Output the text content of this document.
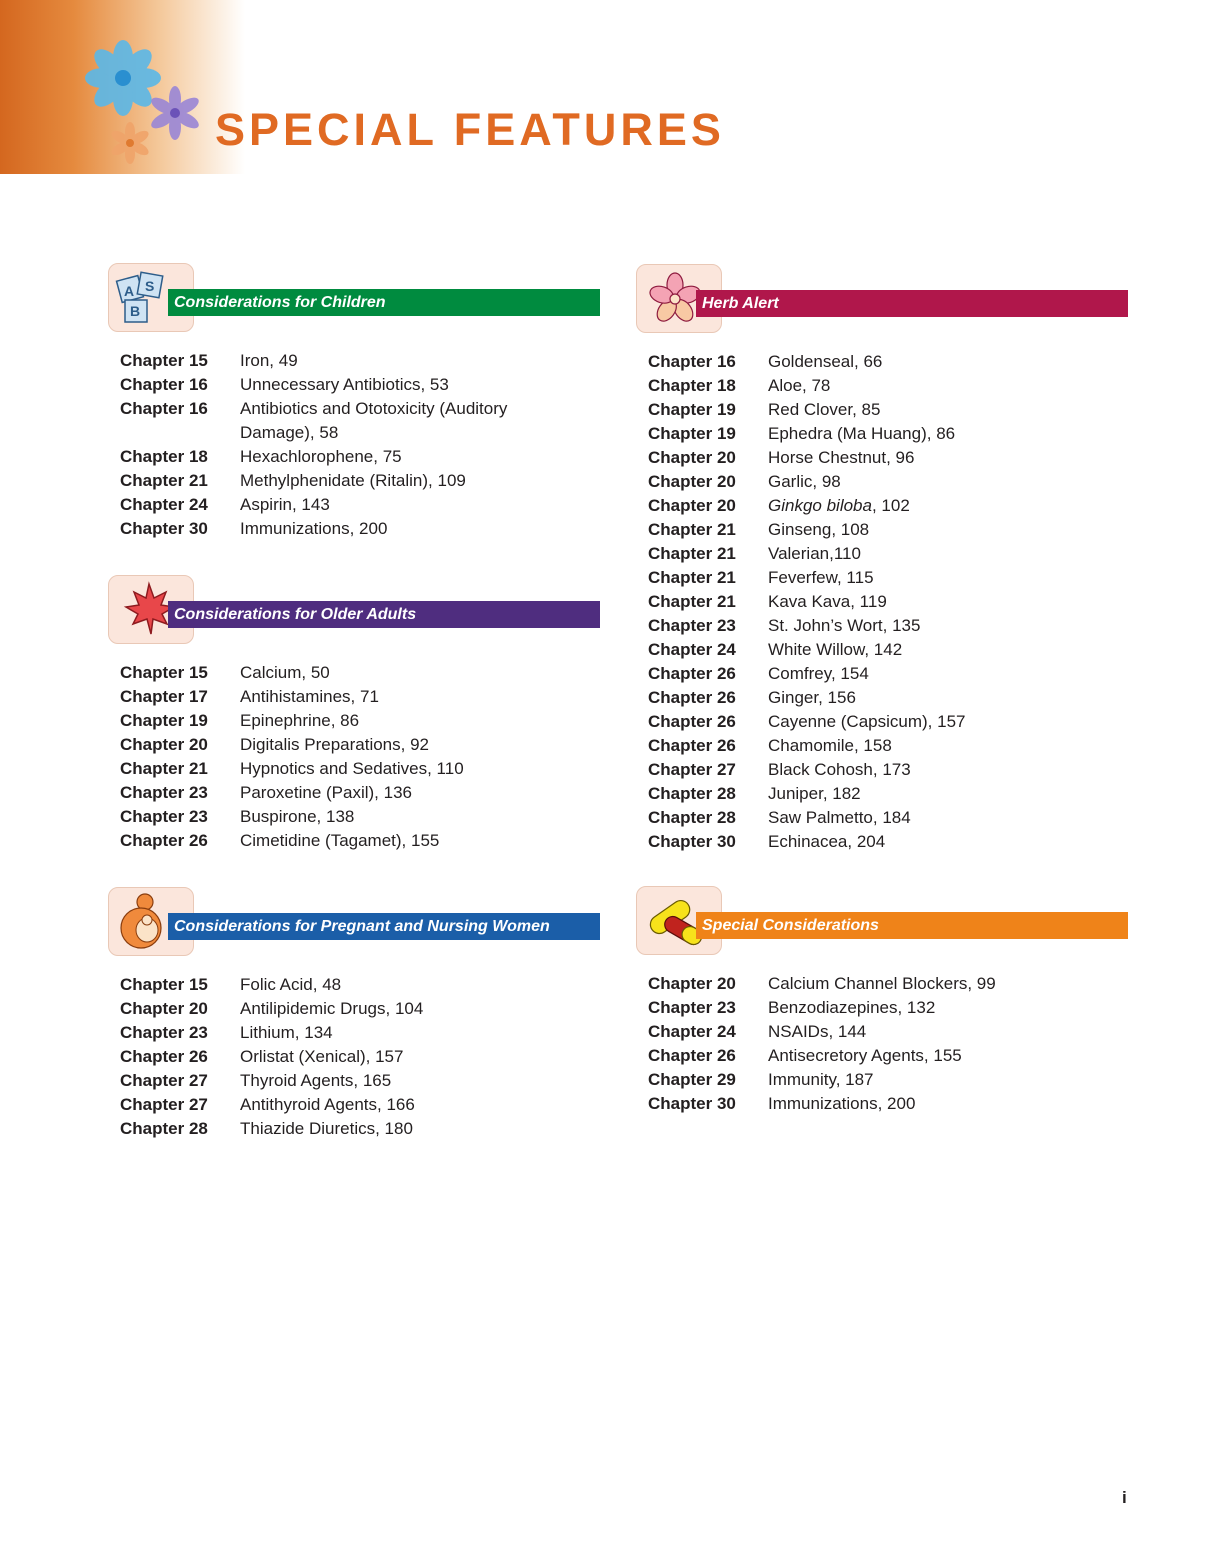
SPECIAL FEATURES
A S
B
Considerations for Children
Chapter 15	Iron, 49
Chapter 16	Unnecessary Antibiotics, 53
Chapter 16	Antibiotics and Ototoxicity (Auditory Damage), 58
Chapter 18	Hexachlorophene, 75
Chapter 21	Methylphenidate (Ritalin), 109
Chapter 24	Aspirin, 143
Chapter 30	Immunizations, 200
Considerations for Older Adults
Chapter 15	Calcium, 50
Chapter 17	Antihistamines, 71
Chapter 19	Epinephrine, 86
Chapter 20	Digitalis Preparations, 92
Chapter 21	Hypnotics and Sedatives, 110
Chapter 23	Paroxetine (Paxil), 136
Chapter 23	Buspirone, 138
Chapter 26	Cimetidine (Tagamet), 155
Considerations for Pregnant and Nursing Women
Chapter 15	Folic Acid, 48
Chapter 20	Antilipidemic Drugs, 104
Chapter 23	Lithium, 134
Chapter 26	Orlistat (Xenical), 157
Chapter 27	Thyroid Agents, 165
Chapter 27	Antithyroid Agents, 166
Chapter 28	Thiazide Diuretics, 180
Herb Alert
Chapter 16	Goldenseal, 66
Chapter 18	Aloe, 78
Chapter 19	Red Clover, 85
Chapter 19	Ephedra (Ma Huang), 86
Chapter 20	Horse Chestnut, 96
Chapter 20	Garlic, 98
Chapter 20	Ginkgo biloba, 102
Chapter 21	Ginseng, 108
Chapter 21	Valerian,110
Chapter 21	Feverfew, 115
Chapter 21	Kava Kava, 119
Chapter 23	St. John’s Wort, 135
Chapter 24	White Willow, 142
Chapter 26	Comfrey, 154
Chapter 26	Ginger, 156
Chapter 26	Cayenne (Capsicum), 157
Chapter 26	Chamomile, 158
Chapter 27	Black Cohosh, 173
Chapter 28	Juniper, 182
Chapter 28	Saw Palmetto, 184
Chapter 30	Echinacea, 204
Special Considerations
Chapter 20	Calcium Channel Blockers, 99
Chapter 23	Benzodiazepines, 132
Chapter 24	NSAIDs, 144
Chapter 26	Antisecretory Agents, 155
Chapter 29	Immunity, 187
Chapter 30	Immunizations, 200
i
